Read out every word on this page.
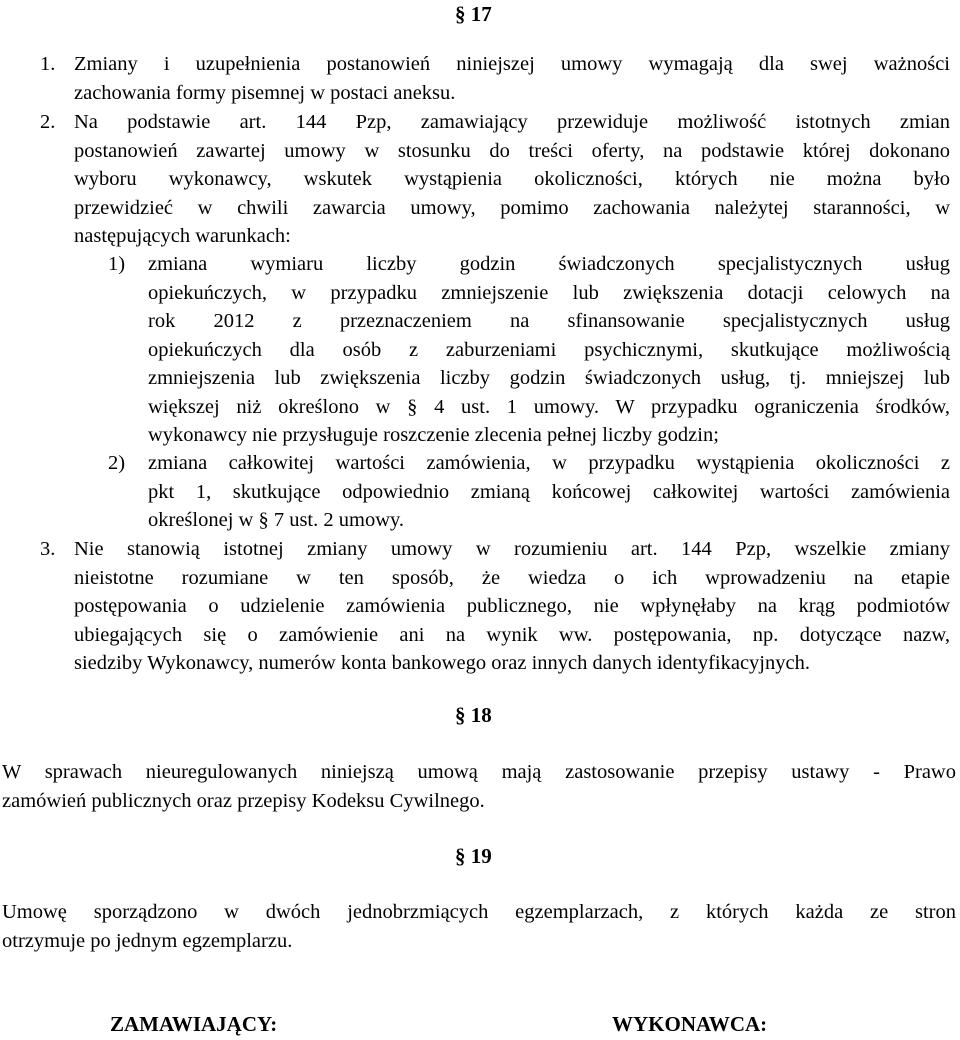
§ 17
1. Zmiany i uzupełnienia postanowień niniejszej umowy wymagają dla swej ważności
zachowania formy pisemnej w postaci aneksu.
2. Na podstawie art. 144 Pzp, zamawiający przewiduje możliwość istotnych zmian
postanowień zawartej umowy w stosunku do treści oferty, na podstawie której dokonano
wyboru wykonawcy, wskutek wystąpienia okoliczności, których nie można było
przewidzieć w chwili zawarcia umowy, pomimo zachowania należytej staranności, w
następujących warunkach:
1) zmiana wymiaru liczby godzin świadczonych specjalistycznych usług
opiekuńczych, w przypadku zmniejszenie lub zwiększenia dotacji celowych na
rok 2012 z przeznaczeniem na sfinansowanie specjalistycznych usług
opiekuńczych dla osób z zaburzeniami psychicznymi, skutkujące możliwością
zmniejszenia lub zwiększenia liczby godzin świadczonych usług, tj. mniejszej lub
większej niż określono w § 4 ust. 1 umowy. W przypadku ograniczenia środków,
wykonawcy nie przysługuje roszczenie zlecenia pełnej liczby godzin;
2) zmiana całkowitej wartości zamówienia, w przypadku wystąpienia okoliczności z
pkt 1, skutkujące odpowiednio zmianą końcowej całkowitej wartości zamówienia
określonej w § 7 ust. 2 umowy.
3. Nie stanowią istotnej zmiany umowy w rozumieniu art. 144 Pzp, wszelkie zmiany
nieistotne rozumiane w ten sposób, że wiedza o ich wprowadzeniu na etapie
postępowania o udzielenie zamówienia publicznego, nie wpłynęłaby na krąg podmiotów
ubiegających się o zamówienie ani na wynik ww. postępowania, np. dotyczące nazw,
siedziby Wykonawcy, numerów konta bankowego oraz innych danych identyfikacyjnych.
§ 18
W sprawach nieuregulowanych niniejszą umową mają zastosowanie przepisy ustawy - Prawo
zamówień publicznych oraz przepisy Kodeksu Cywilnego.
§ 19
Umowę sporządzono w dwóch jednobrzmiących egzemplarzach, z których każda ze stron
otrzymuje po jednym egzemplarzu.
ZAMAWIAJĄCY:	WYKONAWCA:
